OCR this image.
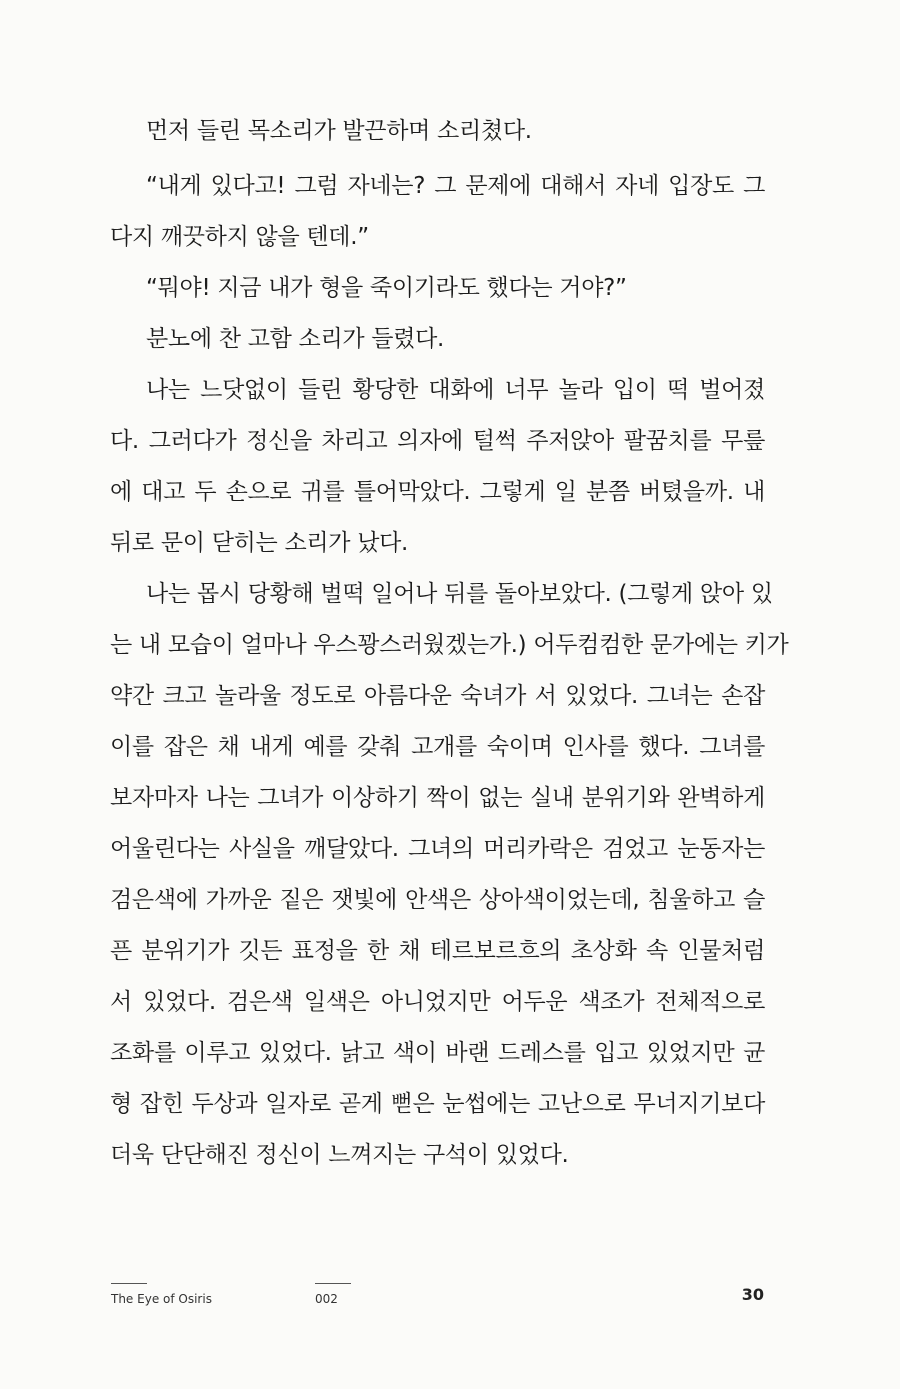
먼저 들린 목소리가 발끈하며 소리쳤다.
“내게 있다고! 그럼 자네는? 그 문제에 대해서 자네 입장도 그
다지 깨끗하지 않을 텐데.”
“뭐야! 지금 내가 형을 죽이기라도 했다는 거야?”
분노에 찬 고함 소리가 들렸다.
나는 느닷없이 들린 황당한 대화에 너무 놀라 입이 떡 벌어졌
다. 그러다가 정신을 차리고 의자에 털썩 주저앉아 팔꿈치를 무릎
에 대고 두 손으로 귀를 틀어막았다. 그렇게 일 분쯤 버텼을까. 내
뒤로 문이 닫히는 소리가 났다.
나는 몹시 당황해 벌떡 일어나 뒤를 돌아보았다. (그렇게 앉아 있
는 내 모습이 얼마나 우스꽝스러웠겠는가.) 어두컴컴한 문가에는 키가
약간 크고 놀라울 정도로 아름다운 숙녀가 서 있었다. 그녀는 손잡
이를 잡은 채 내게 예를 갖춰 고개를 숙이며 인사를 했다. 그녀를
보자마자 나는 그녀가 이상하기 짝이 없는 실내 분위기와 완벽하게
어울린다는 사실을 깨달았다. 그녀의 머리카락은 검었고 눈동자는
검은색에 가까운 짙은 잿빛에 안색은 상아색이었는데, 침울하고 슬
픈 분위기가 깃든 표정을 한 채 테르보르흐의 초상화 속 인물처럼
서 있었다. 검은색 일색은 아니었지만 어두운 색조가 전체적으로
조화를 이루고 있었다. 낡고 색이 바랜 드레스를 입고 있었지만 균
형 잡힌 두상과 일자로 곧게 뻗은 눈썹에는 고난으로 무너지기보다
더욱 단단해진 정신이 느껴지는 구석이 있었다.
The Eye of Osiris	002	30
